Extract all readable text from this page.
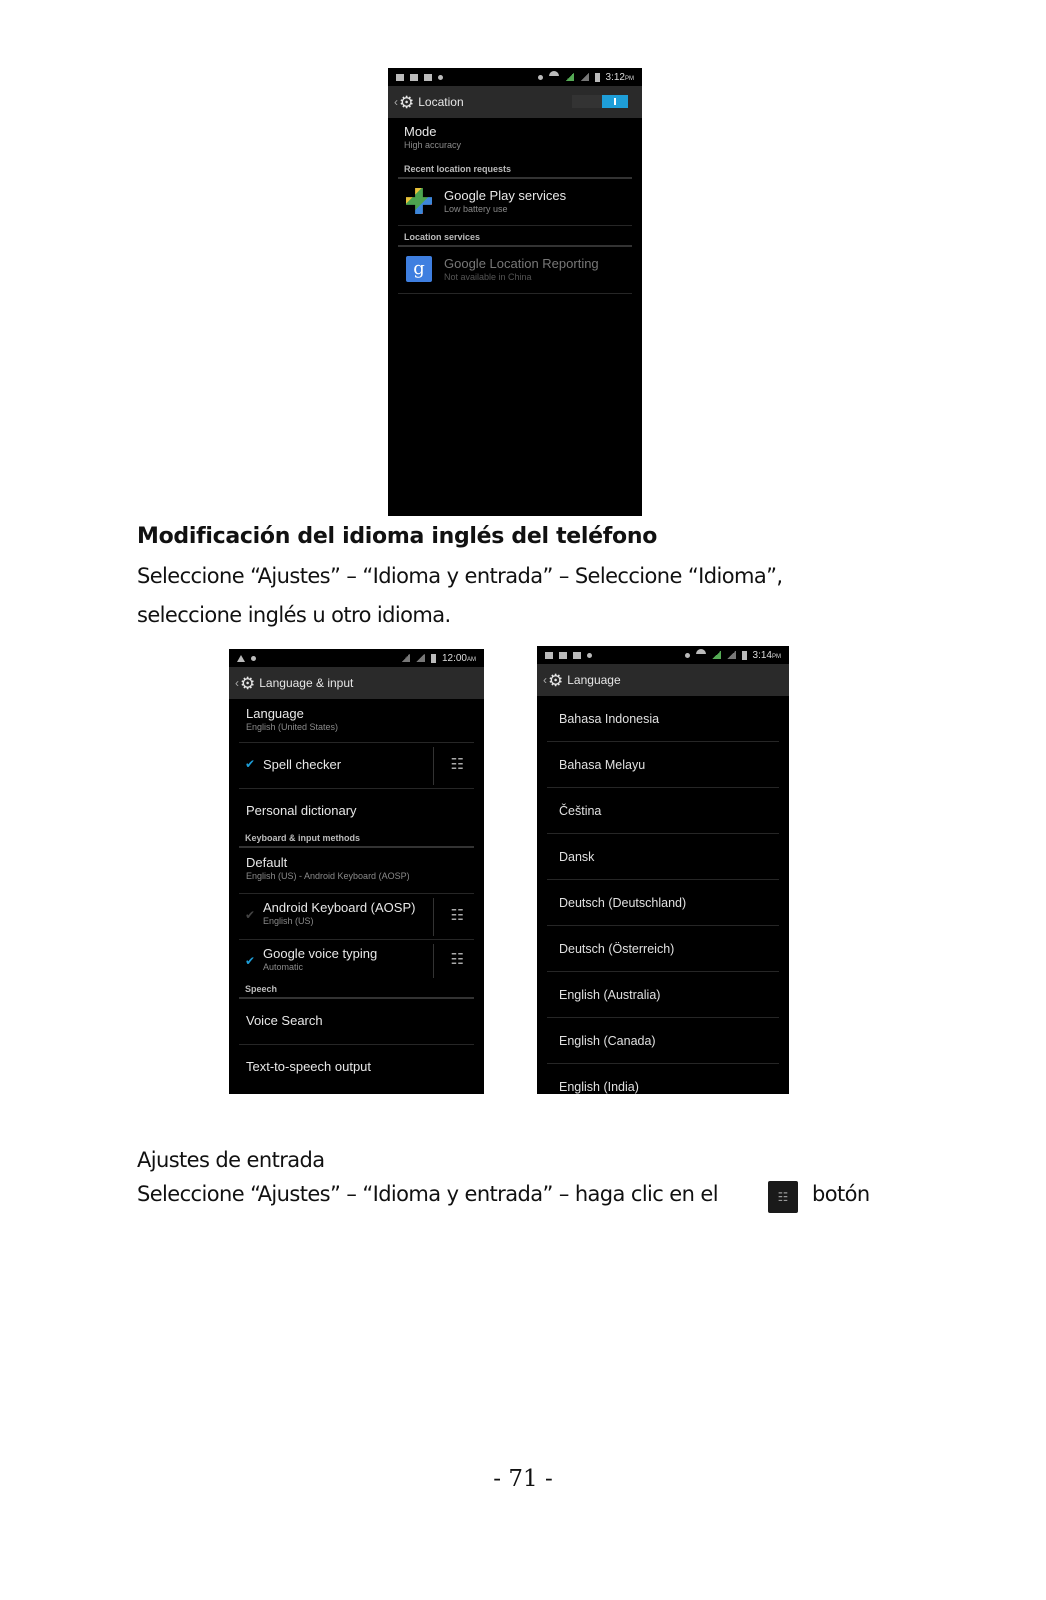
3:12PM
‹ ⚙ Location
Mode
High accuracy
Recent location requests
Google Play services
Low battery use
Location services
g	Google Location Reporting
Not available in China
Modificación del idioma inglés del teléfono
Seleccione “Ajustes” – “Idioma y entrada” – Seleccione “Idioma”,
seleccione inglés u otro idioma.
12:00AM
‹ ⚙ Language & input
Language
English (United States)
✔ Spell checker	☷
Personal dictionary
Keyboard & input methods
Default
English (US) - Android Keyboard (AOSP)
✔ Android Keyboard (AOSP)
English (US)	☷
✔ Google voice typing
Automatic	☷
Speech
Voice Search
Text-to-speech output
3:14PM
‹ ⚙ Language
Bahasa Indonesia
Bahasa Melayu
Čeština
Dansk
Deutsch (Deutschland)
Deutsch (Österreich)
English (Australia)
English (Canada)
English (India)
Ajustes de entrada
Seleccione “Ajustes” – “Idioma y entrada” – haga clic en el	☷	botón
- 71 -
